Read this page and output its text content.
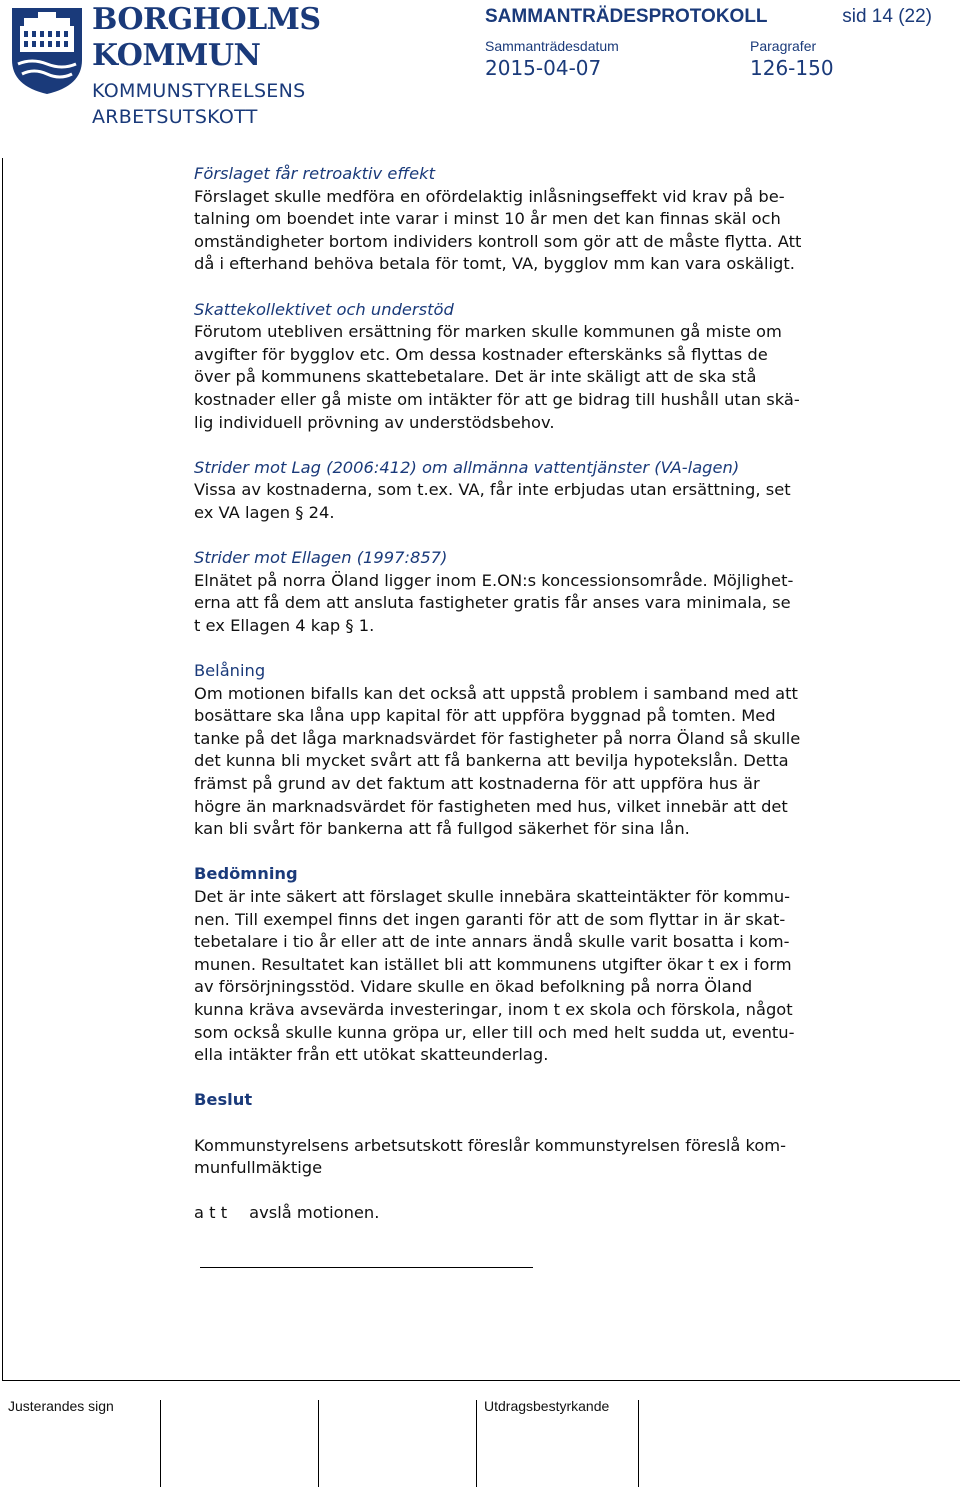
BORGHOLMS
KOMMUN
KOMMUNSTYRELSENS
ARBETSUTSKOTT
SAMMANTRÄDESPROTOKOLL	sid 14 (22)
Sammanträdesdatum	Paragrafer
2015-04-07	126-150
Justerandes sign	Utdragsbestyrkande

Förslaget får retroaktiv effekt

Förslaget skulle medföra en ofördelaktig inlåsningseffekt vid krav på be-

talning om boendet inte varar i minst 10 år men det kan finnas skäl och

omständigheter bortom individers kontroll som gör att de måste flytta. Att

då i efterhand behöva betala för tomt, VA, bygglov mm kan vara oskäligt.

Skattekollektivet och understöd

Förutom utebliven ersättning för marken skulle kommunen gå miste om

avgifter för bygglov etc. Om dessa kostnader efterskänks så flyttas de

över på kommunens skattebetalare. Det är inte skäligt att de ska stå

kostnader eller gå miste om intäkter för att ge bidrag till hushåll utan skä-

lig individuell prövning av understödsbehov.

Strider mot Lag (2006:412) om allmänna vattentjänster (VA-lagen)

Vissa av kostnaderna, som t.ex. VA, får inte erbjudas utan ersättning, set

ex VA lagen § 24.

Strider mot Ellagen (1997:857)

Elnätet på norra Öland ligger inom E.ON:s koncessionsområde. Möjlighet-

erna att få dem att ansluta fastigheter gratis får anses vara minimala, se

t ex Ellagen 4 kap § 1.

Belåning

Om motionen bifalls kan det också att uppstå problem i samband med att

bosättare ska låna upp kapital för att uppföra byggnad på tomten. Med

tanke på det låga marknadsvärdet för fastigheter på norra Öland så skulle

det kunna bli mycket svårt att få bankerna att bevilja hypotekslån. Detta

främst på grund av det faktum att kostnaderna för att uppföra hus är

högre än marknadsvärdet för fastigheten med hus, vilket innebär att det

kan bli svårt för bankerna att få fullgod säkerhet för sina lån.

Bedömning

Det är inte säkert att förslaget skulle innebära skatteintäkter för kommu-

nen. Till exempel finns det ingen garanti för att de som flyttar in är skat-

tebetalare i tio år eller att de inte annars ändå skulle varit bosatta i kom-

munen. Resultatet kan istället bli att kommunens utgifter ökar t ex i form

av försörjningsstöd. Vidare skulle en ökad befolkning på norra Öland

kunna kräva avsevärda investeringar, inom t ex skola och förskola, något

som också skulle kunna gröpa ur, eller till och med helt sudda ut, eventu-

ella intäkter från ett utökat skatteunderlag.

Beslut

Kommunstyrelsens arbetsutskott föreslår kommunstyrelsen föreslå kom-

munfullmäktige

a t t avslå motionen.
